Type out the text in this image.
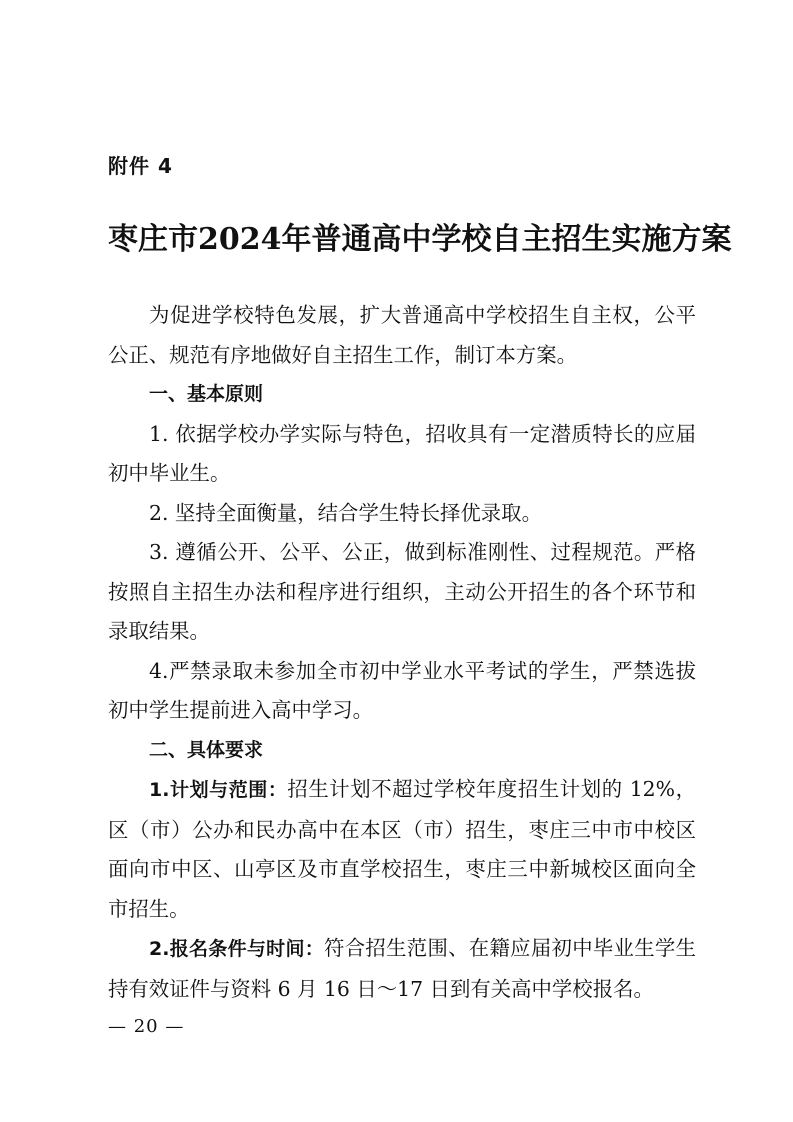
附件 4
枣庄市2024年普通高中学校自主招生实施方案

为促进学校特色发展，扩大普通高中学校招生自主权，公平公正、规范有序地做好自主招生工作，制订本方案。

一、基本原则

1. 依据学校办学实际与特色，招收具有一定潜质特长的应届初中毕业生。

2. 坚持全面衡量，结合学生特长择优录取。

3. 遵循公开、公平、公正，做到标准刚性、过程规范。严格按照自主招生办法和程序进行组织，主动公开招生的各个环节和录取结果。

4.严禁录取未参加全市初中学业水平考试的学生，严禁选拔初中学生提前进入高中学习。

二、具体要求

1.计划与范围：招生计划不超过学校年度招生计划的 12%，区（市）公办和民办高中在本区（市）招生，枣庄三中市中校区面向市中区、山亭区及市直学校招生，枣庄三中新城校区面向全市招生。

2.报名条件与时间：符合招生范围、在籍应届初中毕业生学生持有效证件与资料 6 月 16 日～17 日到有关高中学校报名。

— 20 —
